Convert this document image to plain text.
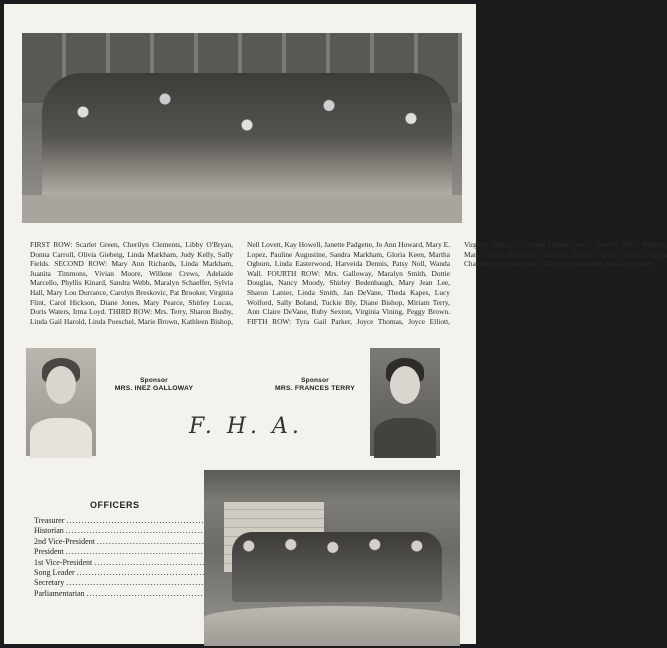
FIRST ROW: Scarlet Green, Cherilyn Clements, Libby O'Bryan, Donna Carroll, Olivia Giebeig, Linda Markham, Judy Kelly, Sally Fields. SECOND ROW: Mary Ann Richards, Linda Markham, Juanita Timmons, Vivian Moore, Willene Crews, Adelaide Marcello, Phyllis Kinard, Sandra Webb, Maralyn Schaeffer, Sylvia Hall, Mary Lou Durrance, Carolyn Breskovic, Pat Brooker, Virginia Flint, Carol Hickson, Diane Jones, Mary Pearce, Shirley Lucas, Doris Waters, Irma Loyd. THIRD ROW: Mrs. Terry, Sharon Busby, Linda Gail Harold, Linda Poeschel, Marie Brown, Kathleen Bishop, Nell Lovett, Kay Howell, Janette Padgette, Jo Ann Howard, Mary E. Lopez, Pauline Augustine, Sandra Markham, Gloria Keen, Martha Ogburn, Linda Easterwood, Harveida Dennis, Patsy Noll, Wanda Wall. FOURTH ROW: Mrs. Galloway, Maralyn Smith, Dottie Douglas, Nancy Moody, Shirley Bedenbaugh, Mary Jean Lee, Sharon Lanier, Linda Smith, Jan DeVane, Theda Kapes, Lucy Wolford, Sally Boland, Tuckie Bly, Diane Bishop, Miriam Terry, Ann Claire DeVane, Ruby Sexton, Virginia Vining, Peggy Brown. FIFTH ROW: Tyra Gail Parker, Joyce Thomas, Joyce Elliott, Virginia Hogan, Charlotte Hunter, Susie Trowell, Mary Brittain, Mary Carol Halbrook, Carolyn Sadler, Shirley Steele, Linda Chamberlin, Susan Davis, Mary Ann Patterson, Barbara Powell.
Sponsor
MRS. INEZ GALLOWAY
Sponsor
MRS. FRANCES TERRY
F. H. A.
OFFICERS
Treasurer
.....
Historian
.....
2nd Vice-President
.....
President
.....
1st Vice-President
.....
Song Leader
.....
Secretary
.....
Parliamentarian
.....
